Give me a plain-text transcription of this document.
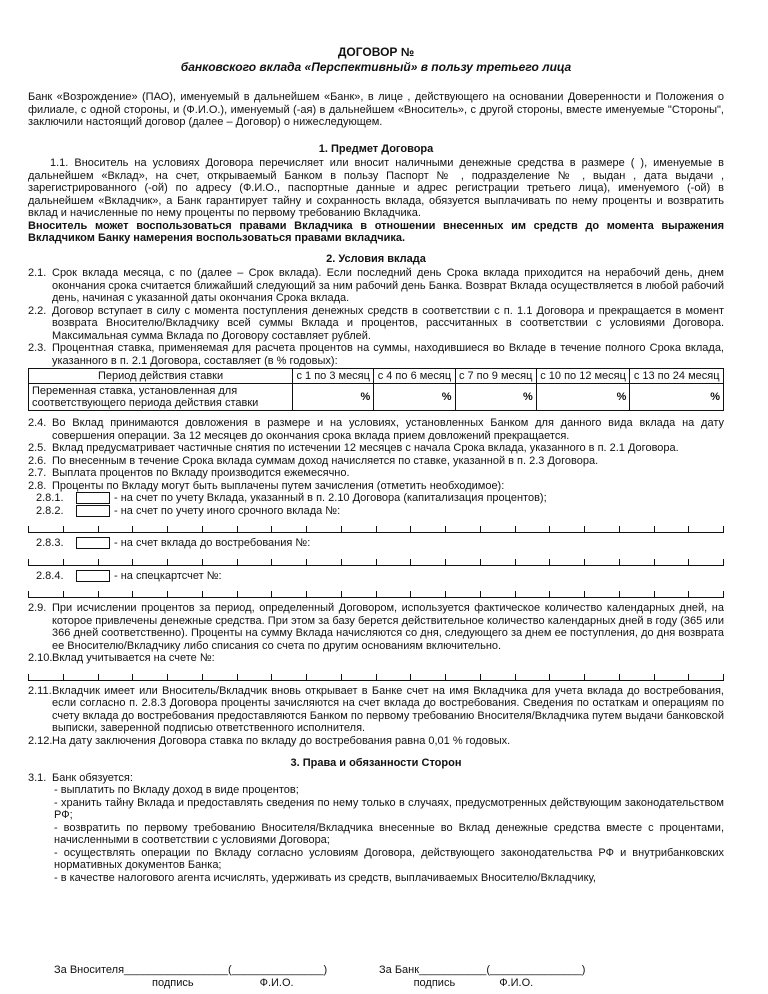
ДОГОВОР №
банковского вклада «Перспективный» в пользу третьего лица
Банк «Возрождение» (ПАО), именуемый в дальнейшем «Банк», в лице , действующего на основании Доверенности и Положения о филиале, с одной стороны, и (Ф.И.О.), именуемый (-ая) в дальнейшем «Вноситель», с другой стороны, вместе именуемые "Стороны", заключили настоящий договор (далее – Договор) о нижеследующем.
1. Предмет Договора
1.1. Вноситель на условиях Договора перечисляет или вносит наличными денежные средства в размере ( ), именуемые в дальнейшем «Вклад», на счет, открываемый Банком в пользу Паспорт № , подразделение № , выдан , дата выдачи , зарегистрированного (-ой) по адресу (Ф.И.О., паспортные данные и адрес регистрации третьего лица), именуемого (-ой) в дальнейшем «Вкладчик», а Банк гарантирует тайну и сохранность вклада, обязуется выплачивать по нему проценты и возвратить вклад и начисленные по нему проценты по первому требованию Вкладчика.
Вноситель может воспользоваться правами Вкладчика в отношении внесенных им средств до момента выражения Вкладчиком Банку намерения воспользоваться правами вкладчика.
2. Условия вклада
2.1. Срок вклада месяца, с по (далее – Срок вклада). Если последний день Срока вклада приходится на нерабочий день, днем окончания срока считается ближайший следующий за ним рабочий день Банка. Возврат Вклада осуществляется в любой рабочий день, начиная с указанной даты окончания Срока вклада.
2.2. Договор вступает в силу с момента поступления денежных средств в соответствии с п. 1.1 Договора и прекращается в момент возврата Вносителю/Вкладчику всей суммы Вклада и процентов, рассчитанных в соответствии с условиями Договора. Максимальная сумма Вклада по Договору составляет рублей.
2.3. Процентная ставка, применяемая для расчета процентов на суммы, находившиеся во Вкладе в течение полного Срока вклада, указанного в п. 2.1 Договора, составляет (в % годовых):
Период действия ставки	с 1 по 3 месяц	с 4 по 6 месяц	с 7 по 9 месяц	с 10 по 12 месяц	с 13 по 24 месяц
Переменная ставка, установленная для соответствующего периода действия ставки	%	%	%	%	%
2.4. Во Вклад принимаются довложения в размере и на условиях, установленных Банком для данного вида вклада на дату совершения операции. За 12 месяцев до окончания срока вклада прием довложений прекращается.
2.5. Вклад предусматривает частичные снятия по истечении 12 месяцев с начала Срока вклада, указанного в п. 2.1 Договора.
2.6. По внесенным в течение Срока вклада суммам доход начисляется по ставке, указанной в п. 2.3 Договора.
2.7. Выплата процентов по Вкладу производится ежемесячно.
2.8. Проценты по Вкладу могут быть выплачены путем зачисления (отметить необходимое):
2.8.1.	- на счет по учету Вклада, указанный в п. 2.10 Договора (капитализация процентов);
2.8.2.	- на счет по учету иного срочного вклада №:
2.8.3.	- на счет вклада до востребования №:
2.8.4.	- на спецкартсчет №:
2.9. При исчислении процентов за период, определенный Договором, используется фактическое количество календарных дней, на которое привлечены денежные средства. При этом за базу берется действительное количество календарных дней в году (365 или 366 дней соответственно). Проценты на сумму Вклада начисляются со дня, следующего за днем ее поступления, до дня возврата ее Вносителю/Вкладчику либо списания со счета по другим основаниям включительно.
2.10. Вклад учитывается на счете №:
2.11. Вкладчик имеет или Вноситель/Вкладчик вновь открывает в Банке счет на имя Вкладчика для учета вклада до востребования, если согласно п. 2.8.3 Договора проценты зачисляются на счет вклада до востребования. Сведения по остаткам и операциям по счету вклада до востребования предоставляются Банком по первому требованию Вносителя/Вкладчика путем выдачи банковской выписки, заверенной подписью ответственного исполнителя.
2.12. На дату заключения Договора ставка по вкладу до востребования равна 0,01 % годовых.
3. Права и обязанности Сторон
3.1. Банк обязуется:
- выплатить по Вкладу доход в виде процентов;
- хранить тайну Вклада и предоставлять сведения по нему только в случаях, предусмотренных действующим законодательством РФ;
- возвратить по первому требованию Вносителя/Вкладчика внесенные во Вклад денежные средства вместе с процентами, начисленными в соответствии с условиями Договора;
- осуществлять операции по Вкладу согласно условиям Договора, действующего законодательства РФ и внутрибанковских нормативных документов Банка;
- в качестве налогового агента исчислять, удерживать из средств, выплачиваемых Вносителю/Вкладчику,
За Вносителя_________________(_______________)	За Банк___________(_______________)
подпись	Ф.И.О.	подпись	Ф.И.О.
